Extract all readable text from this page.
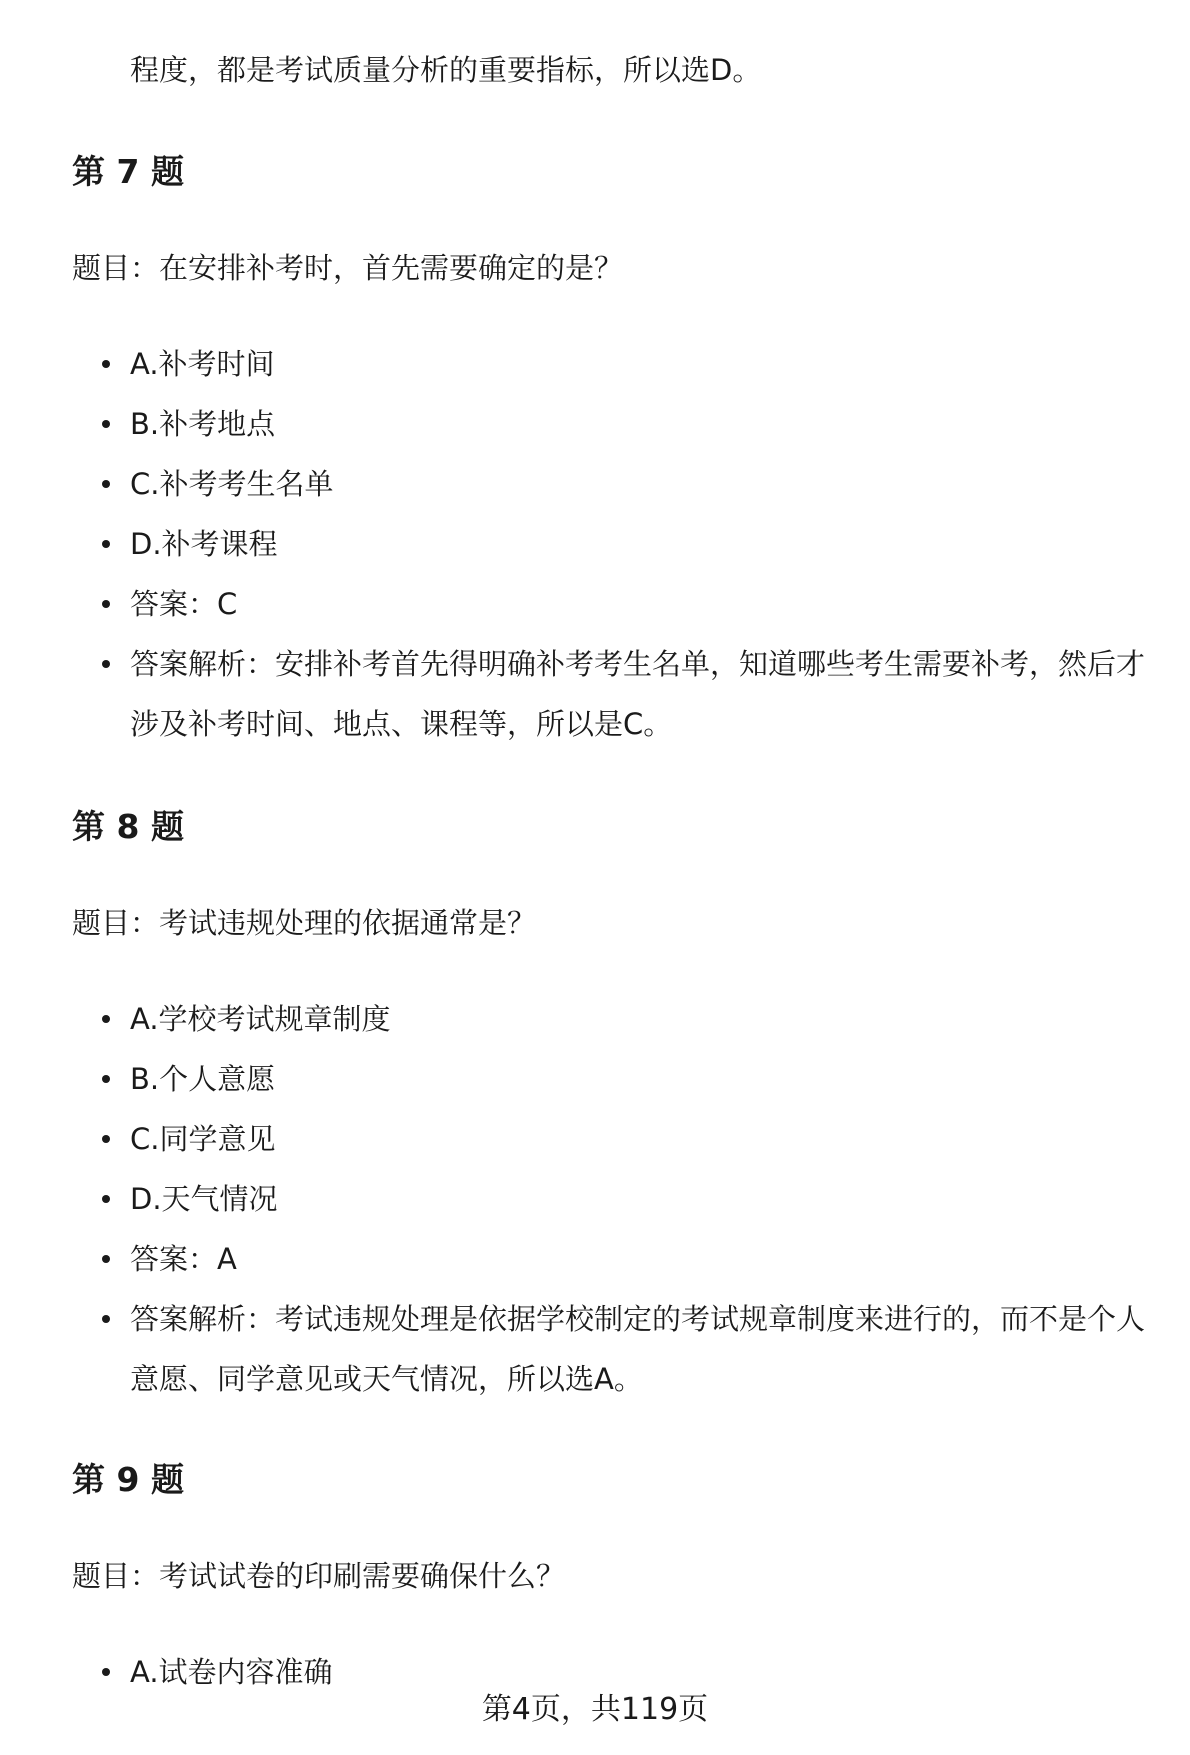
程度，都是考试质量分析的重要指标，所以选D。

第 7 题

题目：在安排补考时，首先需要确定的是？

A.补考时间
B.补考地点
C.补考考生名单
D.补考课程
答案：C
答案解析：安排补考首先得明确补考考生名单，知道哪些考生需要补考，然后才涉及补考时间、地点、课程等，所以是C。
第 8 题

题目：考试违规处理的依据通常是？

A.学校考试规章制度
B.个人意愿
C.同学意见
D.天气情况
答案：A
答案解析：考试违规处理是依据学校制定的考试规章制度来进行的，而不是个人意愿、同学意见或天气情况，所以选A。
第 9 题

题目：考试试卷的印刷需要确保什么？

A.试卷内容准确

第4页，共119页
